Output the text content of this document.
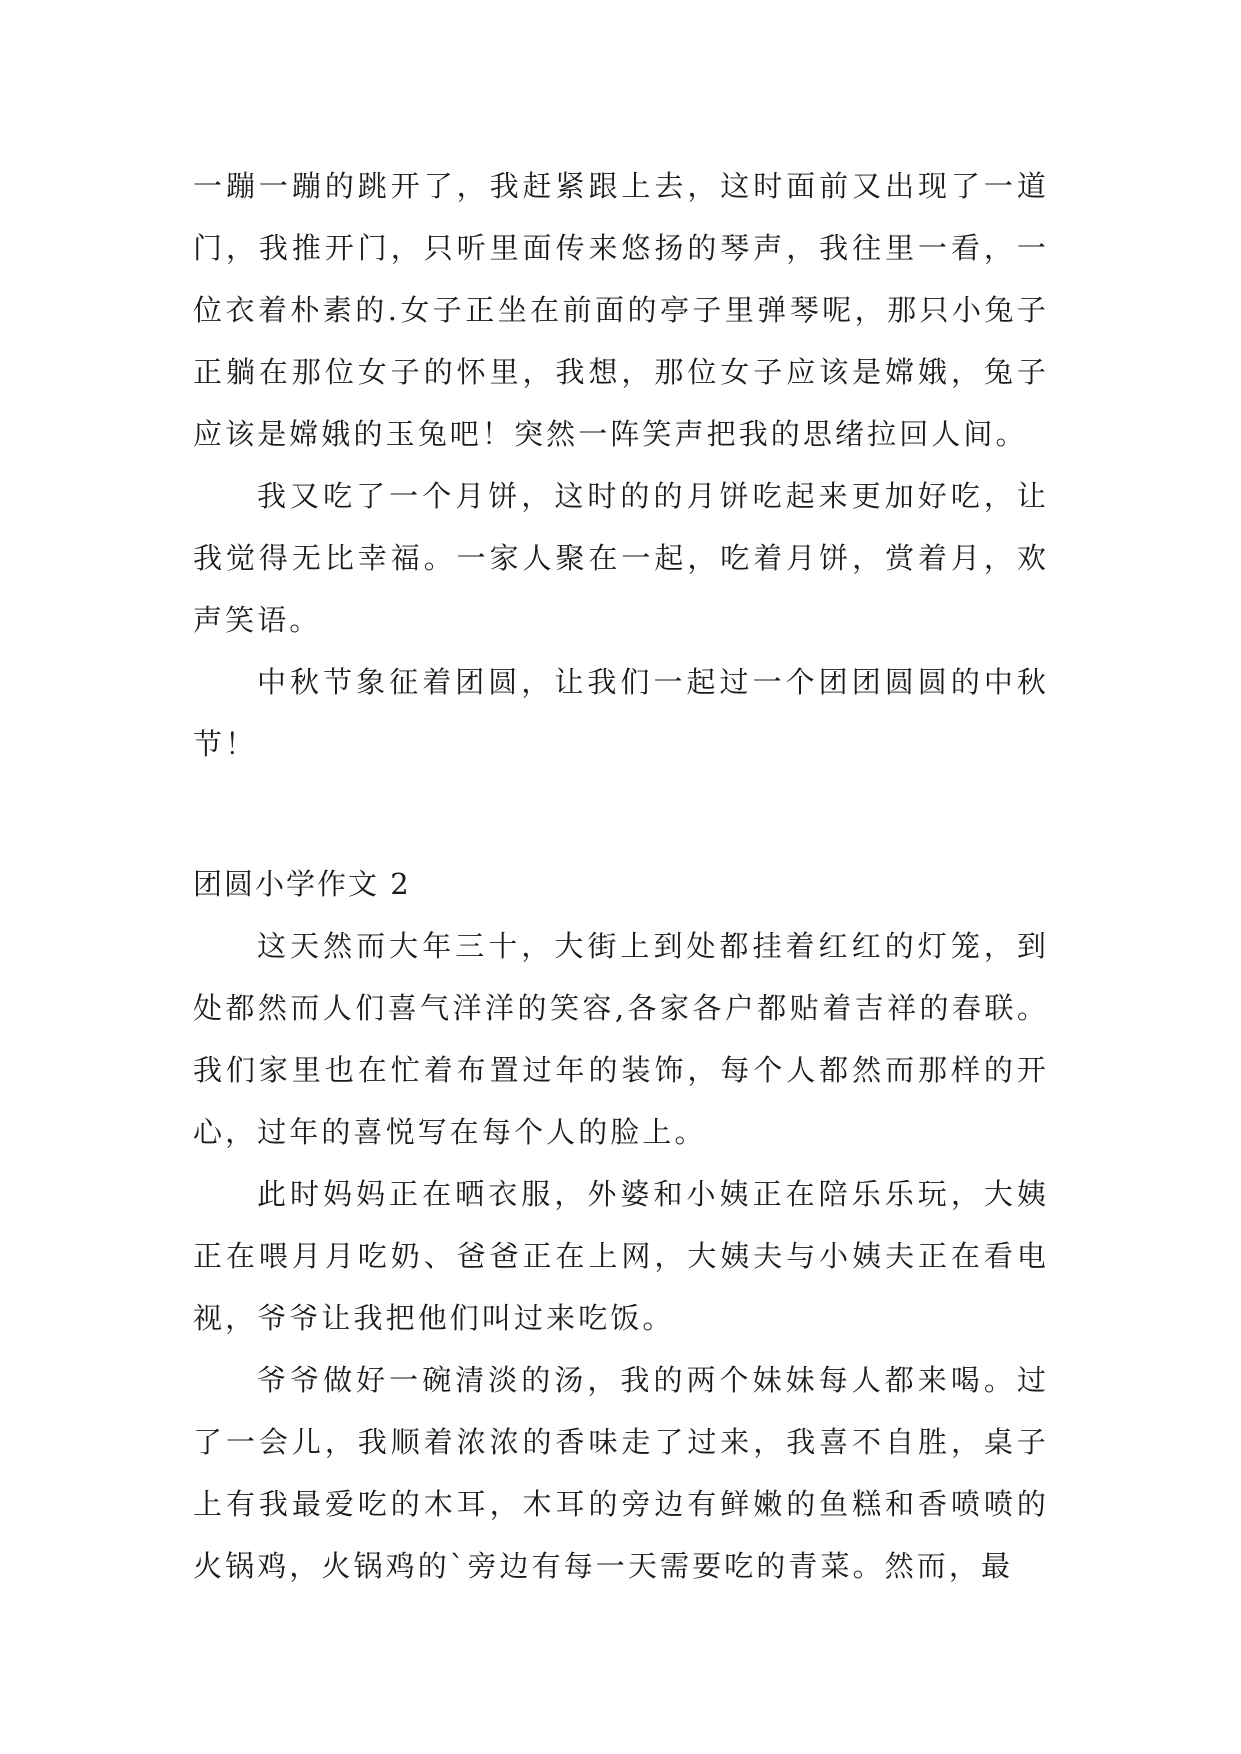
一蹦一蹦的跳开了，我赶紧跟上去，这时面前又出现了一道门，我推开门，只听里面传来悠扬的琴声，我往里一看，一位衣着朴素的.女子正坐在前面的亭子里弹琴呢，那只小兔子正躺在那位女子的怀里，我想，那位女子应该是嫦娥，兔子应该是嫦娥的玉兔吧！突然一阵笑声把我的思绪拉回人间。

我又吃了一个月饼，这时的的月饼吃起来更加好吃，让我觉得无比幸福。一家人聚在一起，吃着月饼，赏着月，欢声笑语。

中秋节象征着团圆，让我们一起过一个团团圆圆的中秋节！

团圆小学作文 2

这天然而大年三十，大街上到处都挂着红红的灯笼，到处都然而人们喜气洋洋的笑容,各家各户都贴着吉祥的春联。我们家里也在忙着布置过年的装饰，每个人都然而那样的开心，过年的喜悦写在每个人的脸上。

此时妈妈正在晒衣服，外婆和小姨正在陪乐乐玩，大姨正在喂月月吃奶、爸爸正在上网，大姨夫与小姨夫正在看电视，爷爷让我把他们叫过来吃饭。

爷爷做好一碗清淡的汤，我的两个妹妹每人都来喝。过了一会儿，我顺着浓浓的香味走了过来，我喜不自胜，桌子上有我最爱吃的木耳，木耳的旁边有鲜嫩的鱼糕和香喷喷的火锅鸡，火锅鸡的`旁边有每一天需要吃的青菜。然而，最
